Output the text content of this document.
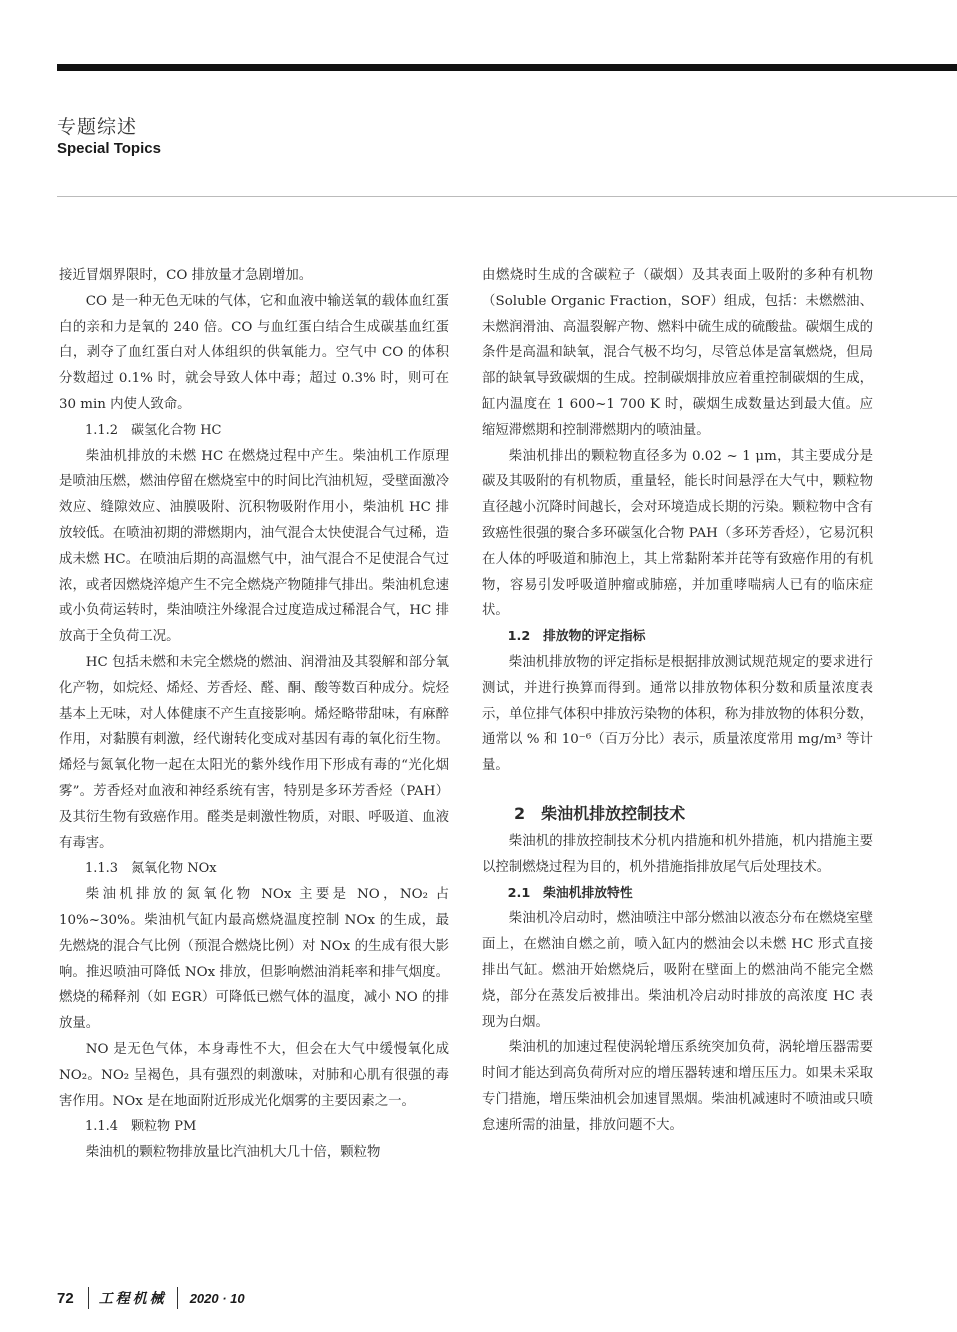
专题综述
Special Topics

接近冒烟界限时，CO 排放量才急剧增加。

CO 是一种无色无味的气体，它和血液中输送氧的载体血红蛋白的亲和力是氧的 240 倍。CO 与血红蛋白结合生成碳基血红蛋白，剥夺了血红蛋白对人体组织的供氧能力。空气中 CO 的体积分数超过 0.1% 时，就会导致人体中毒；超过 0.3% 时，则可在 30 min 内使人致命。

1.1.2　碳氢化合物 HC

柴油机排放的未燃 HC 在燃烧过程中产生。柴油机工作原理是喷油压燃，燃油停留在燃烧室中的时间比汽油机短，受壁面激冷效应、缝隙效应、油膜吸附、沉积物吸附作用小，柴油机 HC 排放较低。在喷油初期的滞燃期内，油气混合太快使混合气过稀，造成未燃 HC。在喷油后期的高温燃气中，油气混合不足使混合气过浓，或者因燃烧淬熄产生不完全燃烧产物随排气排出。柴油机怠速或小负荷运转时，柴油喷注外缘混合过度造成过稀混合气，HC 排放高于全负荷工况。

HC 包括未燃和未完全燃烧的燃油、润滑油及其裂解和部分氧化产物，如烷烃、烯烃、芳香烃、醛、酮、酸等数百种成分。烷烃基本上无味，对人体健康不产生直接影响。烯烃略带甜味，有麻醉作用，对黏膜有刺激，经代谢转化变成对基因有毒的氧化衍生物。烯烃与氮氧化物一起在太阳光的紫外线作用下形成有毒的“光化烟雾”。芳香烃对血液和神经系统有害，特别是多环芳香烃（PAH）及其衍生物有致癌作用。醛类是刺激性物质，对眼、呼吸道、血液有毒害。

1.1.3　氮氧化物 NOx

柴油机排放的氮氧化物 NOx 主要是 NO，NO₂ 占 10%~30%。柴油机气缸内最高燃烧温度控制 NOx 的生成，最先燃烧的混合气比例（预混合燃烧比例）对 NOx 的生成有很大影响。推迟喷油可降低 NOx 排放，但影响燃油消耗率和排气烟度。燃烧的稀释剂（如 EGR）可降低已燃气体的温度，减小 NO 的排放量。

NO 是无色气体，本身毒性不大，但会在大气中缓慢氧化成 NO₂。NO₂ 呈褐色，具有强烈的刺激味，对肺和心肌有很强的毒害作用。NOx 是在地面附近形成光化烟雾的主要因素之一。

1.1.4　颗粒物 PM

柴油机的颗粒物排放量比汽油机大几十倍，颗粒物

由燃烧时生成的含碳粒子（碳烟）及其表面上吸附的多种有机物（Soluble Organic Fraction，SOF）组成，包括：未燃燃油、未燃润滑油、高温裂解产物、燃料中硫生成的硫酸盐。碳烟生成的条件是高温和缺氧，混合气极不均匀，尽管总体是富氧燃烧，但局部的缺氧导致碳烟的生成。控制碳烟排放应着重控制碳烟的生成，缸内温度在 1 600~1 700 K 时，碳烟生成数量达到最大值。应缩短滞燃期和控制滞燃期内的喷油量。

柴油机排出的颗粒物直径多为 0.02 ~ 1 μm，其主要成分是碳及其吸附的有机物质，重量轻，能长时间悬浮在大气中，颗粒物直径越小沉降时间越长，会对环境造成长期的污染。颗粒物中含有致癌性很强的聚合多环碳氢化合物 PAH（多环芳香烃），它易沉积在人体的呼吸道和肺泡上，其上常黏附苯并芘等有致癌作用的有机物，容易引发呼吸道肿瘤或肺癌，并加重哮喘病人已有的临床症状。

1.2　排放物的评定指标

柴油机排放物的评定指标是根据排放测试规范规定的要求进行测试，并进行换算而得到。通常以排放物体积分数和质量浓度表示，单位排气体积中排放污染物的体积，称为排放物的体积分数，通常以 % 和 10⁻⁶（百万分比）表示，质量浓度常用 mg/m³ 等计量。

2　柴油机排放控制技术

柴油机的排放控制技术分机内措施和机外措施，机内措施主要以控制燃烧过程为目的，机外措施指排放尾气后处理技术。

2.1　柴油机排放特性

柴油机冷启动时，燃油喷注中部分燃油以液态分布在燃烧室壁面上，在燃油自燃之前，喷入缸内的燃油会以未燃 HC 形式直接排出气缸。燃油开始燃烧后，吸附在壁面上的燃油尚不能完全燃烧，部分在蒸发后被排出。柴油机冷启动时排放的高浓度 HC 表现为白烟。

柴油机的加速过程使涡轮增压系统突加负荷，涡轮增压器需要时间才能达到高负荷所对应的增压器转速和增压压力。如果未采取专门措施，增压柴油机会加速冒黑烟。柴油机减速时不喷油或只喷怠速所需的油量，排放问题不大。

72 工程机械 2020 · 10
